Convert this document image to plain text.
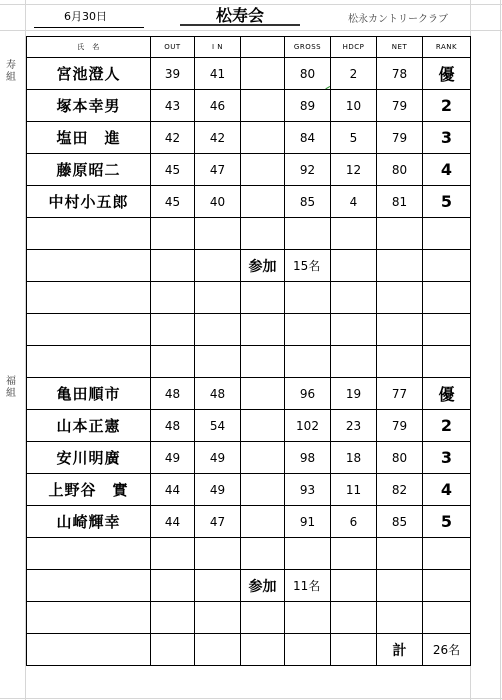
6月30日	松寿会	松永カントリークラブ
寿組
福組
氏　名	OUT	I N		GROSS	HDCP	NET	RANK
宮池澄人	39	41		80	2	78	優
塚本幸男	43	46		89	10	79	2
塩田　進	42	42		84	5	79	3
藤原昭二	45	47		92	12	80	4
中村小五郎	45	40		85	4	81	5

			参加	15名			

亀田順市	48	48		96	19	77	優
山本正憲	48	54		102	23	79	2
安川明廣	49	49		98	18	80	3
上野谷　實	44	49		93	11	82	4
山崎輝幸	44	47		91	6	85	5

			参加	11名			

						計	26名
